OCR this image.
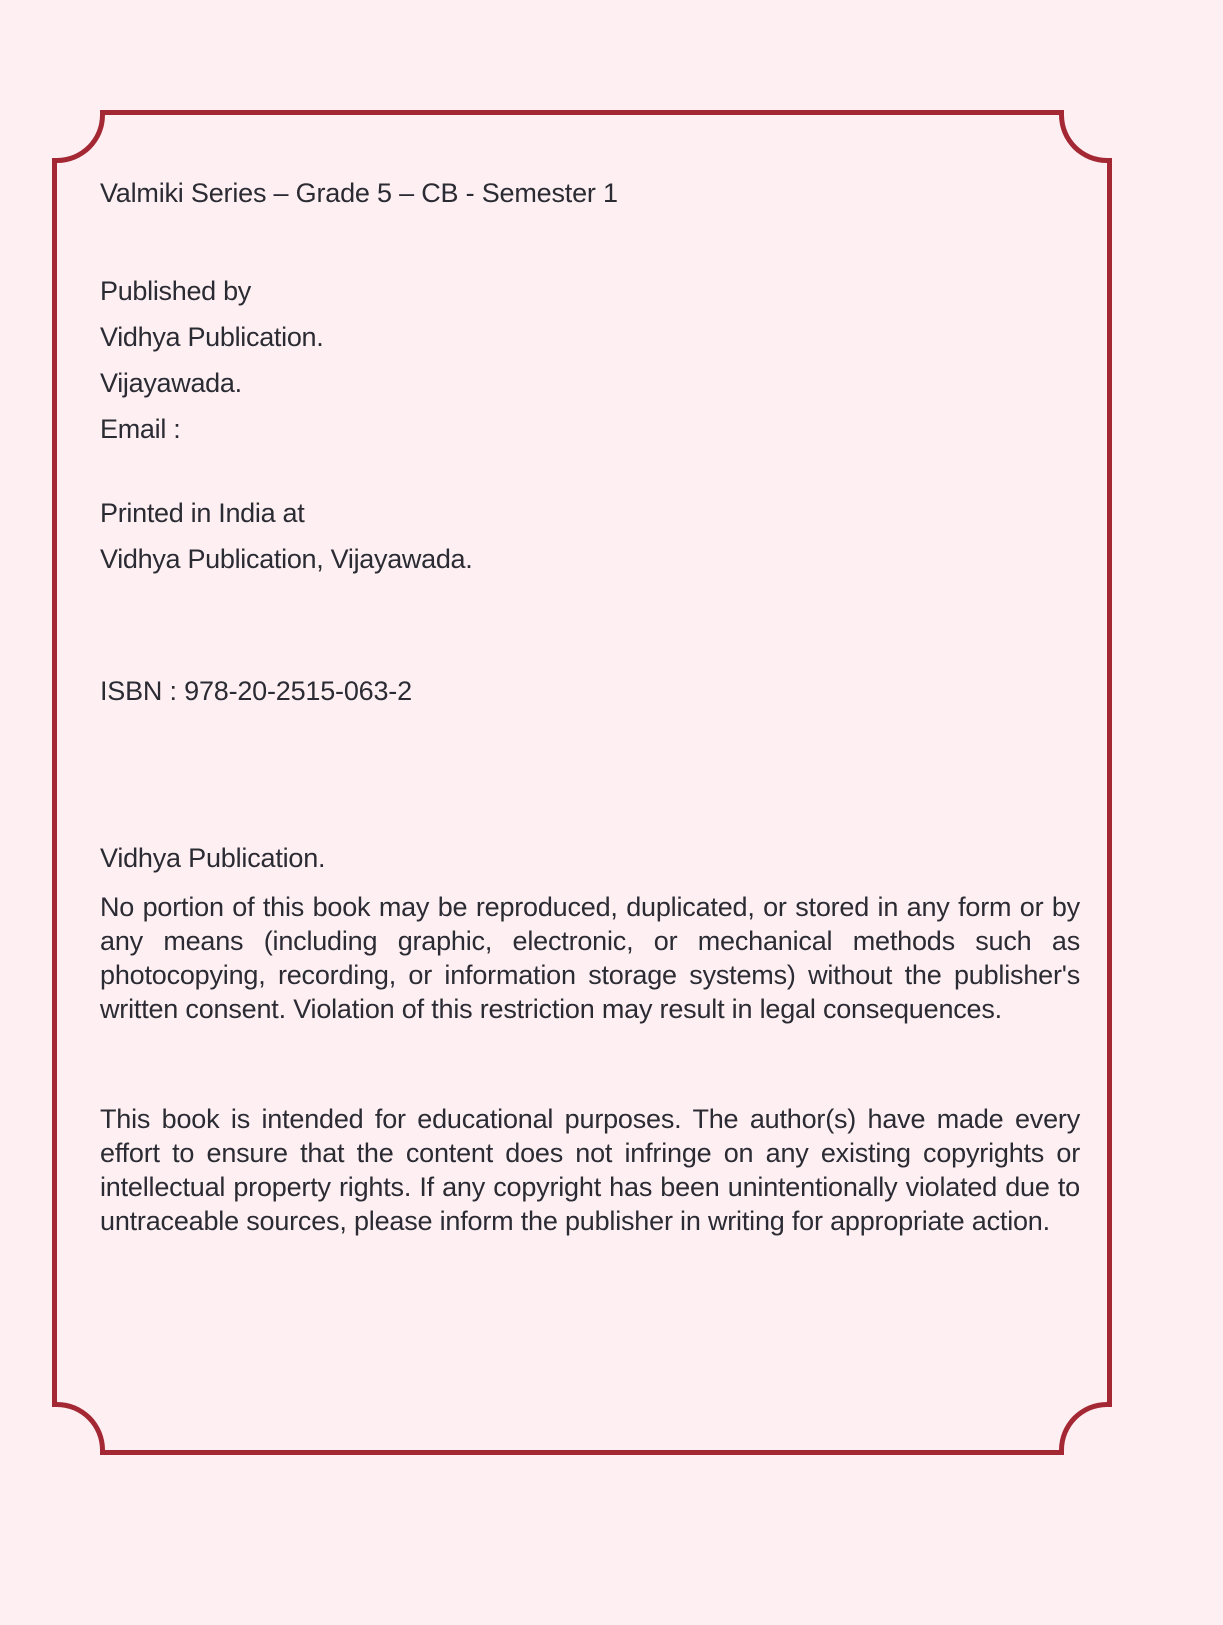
Valmiki Series – Grade 5 – CB - Semester 1
Published by
Vidhya Publication.
Vijayawada.
Email :
Printed in India at
Vidhya Publication, Vijayawada.
ISBN : 978-20-2515-063-2
Vidhya Publication.
No portion of this book may be reproduced, duplicated, or stored in any form or by any means (including graphic, electronic, or mechanical methods such as photocopying, recording, or information storage systems) without the publisher's written consent. Violation of this restriction may result in legal consequences.
This book is intended for educational purposes. The author(s) have made every effort to ensure that the content does not infringe on any existing copyrights or intellectual property rights. If any copyright has been unintentionally violated due to untraceable sources, please inform the publisher in writing for appropriate action.
